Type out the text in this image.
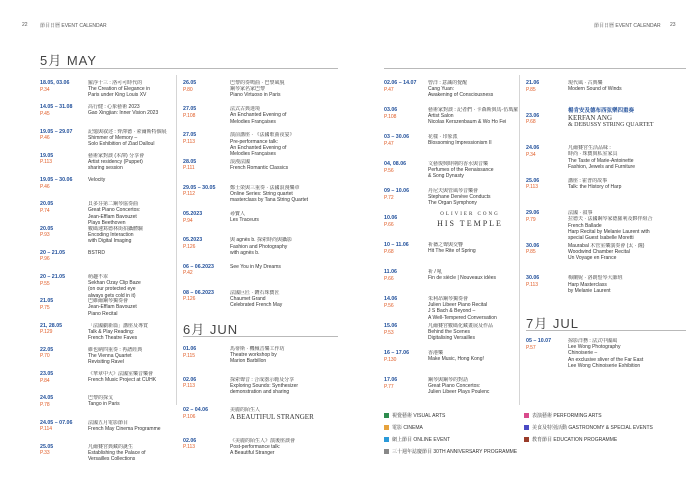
22 節目日曆 EVENT CALENDAR	節目日曆 EVENT CALENDAR 23
5月 MAY
6月 JUN	7月 JUL
OLIVIER CONG
HIS TEMPLE
楊肯安及德布西弦樂四重奏
KERFAN ANG
& DEBUSSY STRING QUARTET
視覺藝術 VISUAL ARTS	表演藝術 PERFORMING ARTS
電影 CINEMA	美食及特別活動 GASTRONOMY & SPECIAL EVENTS
網上節目 ONLINE EVENT	教育節目 EDUCATION PROGRAMME
三十週年誌慶節目 30TH ANNIVERSARY PROGRAMME
18.05, 03.06
P.34
羅浮十三 : 洛可可時代的
The Creation of Elegance in
Paris under King Louis XV
14.05 – 31.08
P.45
高行健 : 心象藝術 2023
Gao Xingjian: Inner Vision 2023
19.05 – 29.07
P.46
記憶與叙述 : 齊澤德 · 索爾斯特個展
Shimmer of Memory –
Solo Exhibition of Ziad Dalloul
19.05
P.113
藝術家對談 (本澤) 分享會
Artist residency (Puppet)
sharing session
19.05 – 30.06
P.46
Velocity
20.05
P.74
貝多芬第二鋼琴協奏曲
Great Piano Concertos:
Jean-Efflam Bavouzet
Plays Beethoven
20.05
P.93
數碼速寫德林街拍攝體驗
Encoding Interaction
with Digital Imaging
20 – 21.05
P.96
BSTRD
20 – 21.05
P.55
萌趣不乖
Sekhan Ozay Clip Baze
(on our protected eye
always gets cold in it)
21.05
P.75
巴維爾鋼琴獨奏會
Jean-Efflam Bavouzet
Piano Recital
21, 28.05
P.129
「法國劇新篇」講座及導賞
Talk & Play Reading:
French Theatre Faves
22.05
P.70
維也納四重奏 : 再譜經典
The Vienna Quartet
Revisiting Ravel
23.05
P.84
《華章中大》法國室樂音樂會
French Music Project at CUHK
24.05
P.78
巴黎的探戈
Tango in Paris
24.05 – 07.06
P.114
法國五月電影節目
French May Cinema Programme
25.05
P.33
凡爾賽宮典藏的誕生
Establishing the Palace of
Versailles Collections
26.05
P.80
巴黎的奏鳴曲 · 巴黎風貌
鋼琴家名家巴黎
Piano Virtuoso in Paris
27.05
P.108
法式古典迷境
An Enchanted Evening of
Melodies Françaises
27.05
P.113
演前講座 · 《法國歌曲夜宴》
Pre-performance talk:
An Enchanted Evening of
Melodies Françaises
28.05
P.111
浪漫法國
French Romantic Classics
29.05 – 30.05
P.112
鄭士榮與三重奏 · 法國浪漫樂章
Online Series: String quartet
masterclass by Tana String Quartet
05.2023
P.94
尋寶人
Les Traceurs
05.2023
P.126
與 agnès b. 探索時尚與攝影
Fashion and Photography
with agnès b.
06 – 06.2023
P.42
See You in My Dreams
08 – 06.2023
P.126
法國巨匠 · 鑽石珠寶匠
Chaumet Grand
Celebrated French May
01.06
P.115
馬蒂斯 · 機械音樂工作坊
Theatre workshop by
Marion Barbillon
02.06
P.113
探索聲音 : 合成器示範及分享
Exploring Sounds: Synthesizer
demonstration and sharing
02 – 04.06
P.106
美麗的陌生人
A BEAUTIFUL STRANGER
02.06
P.113
《美麗的陌生人》演後座談會
Post-performance talk:
A Beautiful Stranger
02.06 – 14.07
P.47
曾洋 : 意識的覺醒
Cang Yuan:
Awakening of Consciousness
03.06
P.108
藝術家對談 : 記者們 · 卡森斯與馬·伍瑪羅
Artist Salon
Nicolas Kerszenbaum & Wo Ho Fei
03 – 30.06
P.47
花樣 · 印象派
Blossoming Impressionism II
04, 08.06
P.56
文藝復興時期的香水與音樂
Perfumes of the Renaissance
& Song Dynasty
09 – 10.06
P.72
丹尼夫與管風琴音樂會
Stephane Denève Conducts
The Organ Symphony
10.06
P.66
10 – 11.06
P.68
祈禱之聲與交響
Hit The Rite of Spring
11.06
P.66
祈 / 吼
Fin de siècle | Nouveaux idées
14.06
P.56
朱利昂鋼琴獨奏會
Julien Libeer Piano Recital
J S Bach & Beyond –
A Well-Tempered Conversation
15.06
P.53
凡爾賽宮數碼化藏畫展及作品
Behind the Scenes
Digitalising Versailles
16 – 17.06
P.130
香港樂
Make Music, Hong Kong!
17.06
P.77
鋼琴與鋼琴的對話
Great Piano Concertos:
Julien Libeer Plays Poulenc
21.06
P.85
現代風 · 古典樂
Modern Sound of Winds
23.06
P.68
24.06
P.34
凡爾賽宮生活品味 :
時尚 · 珠寶與私室家具
The Taste of Marie-Antoinette
Fashion, Jewels and Furniture
25.06
P.113
講座 : 霍普的故事
Talk: the History of Harp
29.06
P.79
法國 · 叙事
拉德夫 · 法國鋼琴家德羅利及夥伴組合
French Ballade
Harp Recital by Melanie Laurent with
special Guest Isabelle Moretti
30.06
P.85
Maurabal 木管室樂演奏會 (太 · 鐘)
Woodwind Chamber Recital
Un Voyage en France
30.06
P.113
梅蘭妮 · 洛朗豎琴大師班
Harp Masterclass
by Melanie Laurent
05 – 10.07
P.57
掠影洋務 : 法式中國風
Lee Wong Photography
Chinoiserie –
An exclusive sliver of the Far East
Lee Wong Chinoiserie Exhibition
